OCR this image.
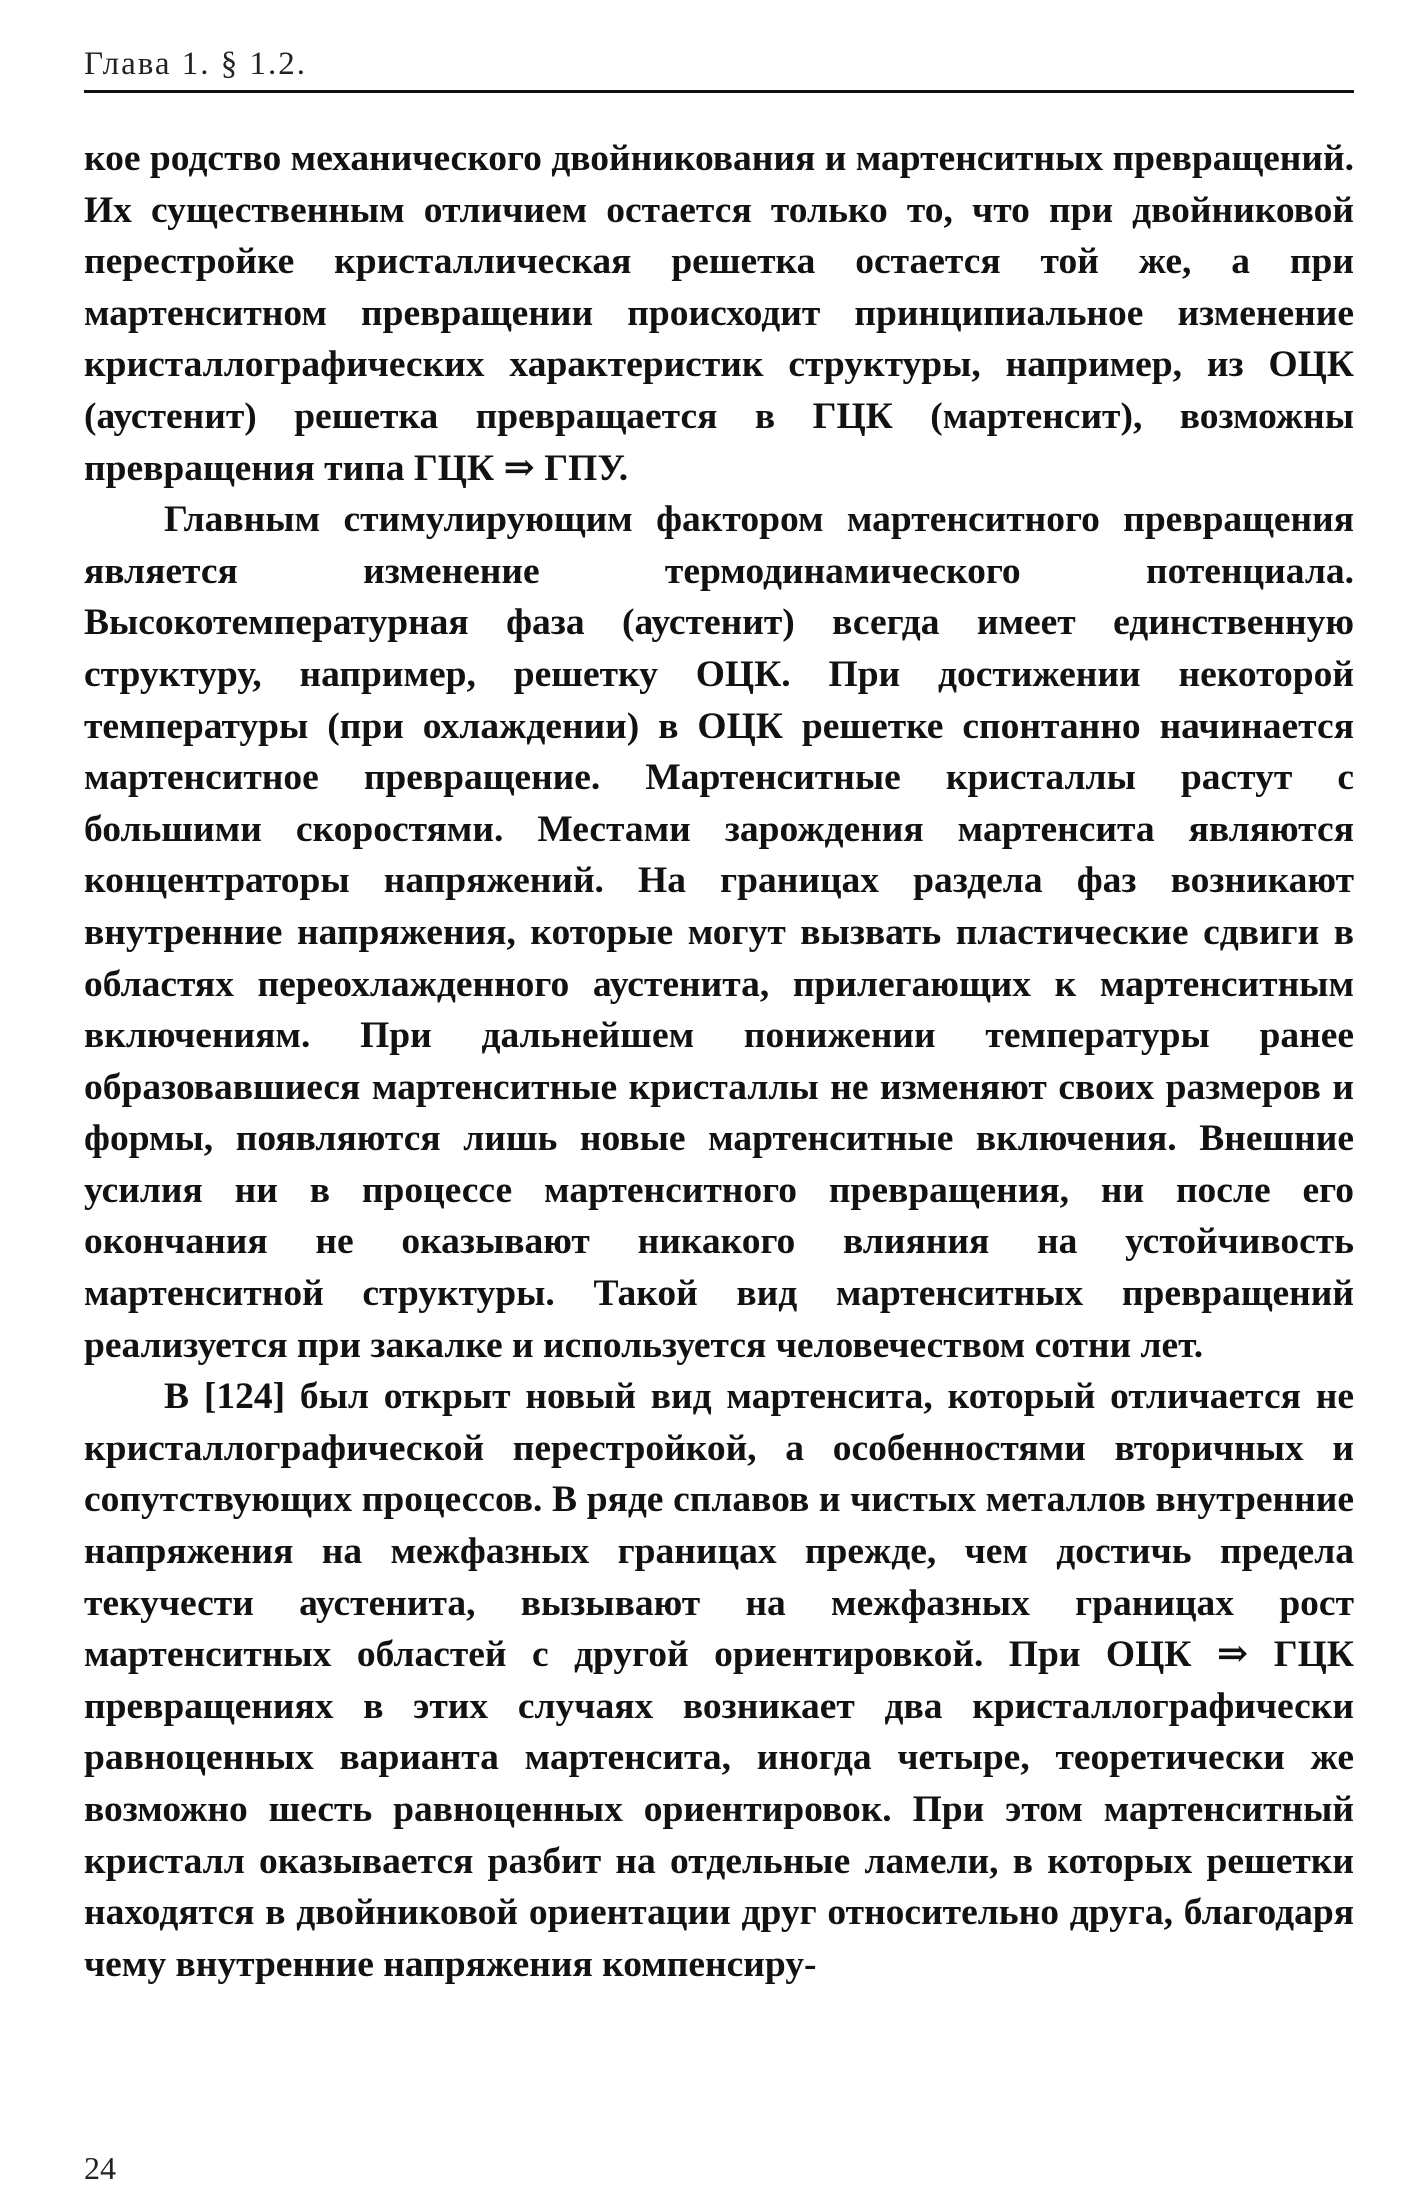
Глава 1. § 1.2.

кое родство механического двойникования и мартенситных превращений. Их существенным отличием остается только то, что при двойниковой перестройке кристаллическая решетка остается той же, а при мартенситном превращении происходит принципиальное изменение кристаллографических характеристик структуры, например, из ОЦК (аустенит) решетка превращается в ГЦК (мартенсит), возможны превращения типа ГЦК ⇒ ГПУ.

Главным стимулирующим фактором мартенситного превращения является изменение термодинамического потенциала. Высокотемпературная фаза (аустенит) всегда имеет единственную структуру, например, решетку ОЦК. При достижении некоторой температуры (при охлаждении) в ОЦК решетке спонтанно начинается мартенситное превращение. Мартенситные кристаллы растут с большими скоростями. Местами зарождения мартенсита являются концентраторы напряжений. На границах раздела фаз возникают внутренние напряжения, которые могут вызвать пластические сдвиги в областях переохлажденного аустенита, прилегающих к мартенситным включениям. При дальнейшем понижении температуры ранее образовавшиеся мартенситные кристаллы не изменяют своих размеров и формы, появляются лишь новые мартенситные включения. Внешние усилия ни в процессе мартенситного превращения, ни после его окончания не оказывают никакого влияния на устойчивость мартенситной структуры. Такой вид мартенситных превращений реализуется при закалке и используется человечеством сотни лет.

В [124] был открыт новый вид мартенсита, который отличается не кристаллографической перестройкой, а особенностями вторичных и сопутствующих процессов. В ряде сплавов и чистых металлов внутренние напряжения на межфазных границах прежде, чем достичь предела текучести аустенита, вызывают на межфазных границах рост мартенситных областей с другой ориентировкой. При ОЦК ⇒ ГЦК превращениях в этих случаях возникает два кристаллографически равноценных варианта мартенсита, иногда четыре, теоретически же возможно шесть равноценных ориентировок. При этом мартенситный кристалл оказывается разбит на отдельные ламели, в которых решетки находятся в двойниковой ориентации друг относительно друга, благодаря чему внутренние напряжения компенсиру-

24
